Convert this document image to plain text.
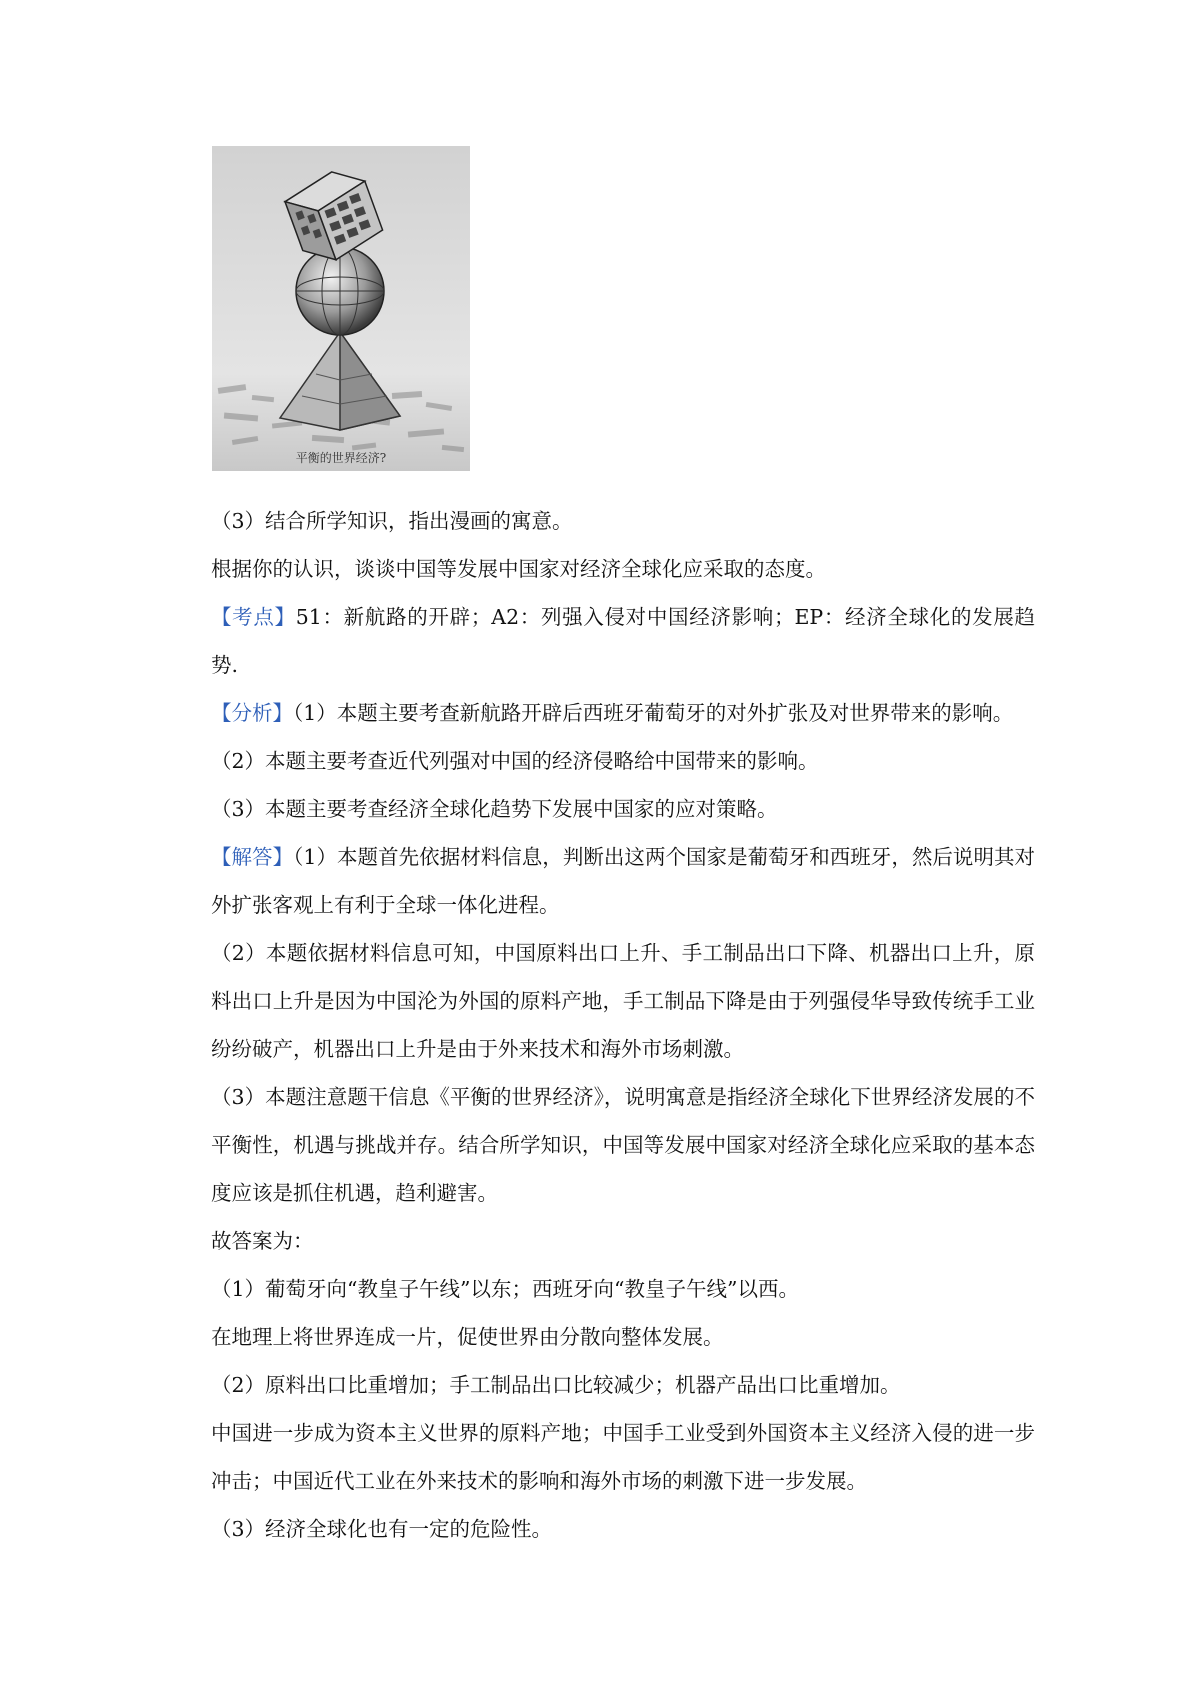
平衡的世界经济?

（3）结合所学知识，指出漫画的寓意。

根据你的认识，谈谈中国等发展中国家对经济全球化应采取的态度。

【考点】51：新航路的开辟；A2：列强入侵对中国经济影响；EP：经济全球化的发展趋势.

【分析】（1）本题主要考查新航路开辟后西班牙葡萄牙的对外扩张及对世界带来的影响。

（2）本题主要考查近代列强对中国的经济侵略给中国带来的影响。

（3）本题主要考查经济全球化趋势下发展中国家的应对策略。

【解答】（1）本题首先依据材料信息，判断出这两个国家是葡萄牙和西班牙，然后说明其对外扩张客观上有利于全球一体化进程。

（2）本题依据材料信息可知，中国原料出口上升、手工制品出口下降、机器出口上升，原料出口上升是因为中国沦为外国的原料产地，手工制品下降是由于列强侵华导致传统手工业纷纷破产，机器出口上升是由于外来技术和海外市场刺激。

（3）本题注意题干信息《平衡的世界经济》，说明寓意是指经济全球化下世界经济发展的不平衡性，机遇与挑战并存。结合所学知识，中国等发展中国家对经济全球化应采取的基本态度应该是抓住机遇，趋利避害。

故答案为：

（1）葡萄牙向“教皇子午线”以东；西班牙向“教皇子午线”以西。

在地理上将世界连成一片，促使世界由分散向整体发展。

（2）原料出口比重增加；手工制品出口比较减少；机器产品出口比重增加。

中国进一步成为资本主义世界的原料产地；中国手工业受到外国资本主义经济入侵的进一步冲击；中国近代工业在外来技术的影响和海外市场的刺激下进一步发展。

（3）经济全球化也有一定的危险性。
